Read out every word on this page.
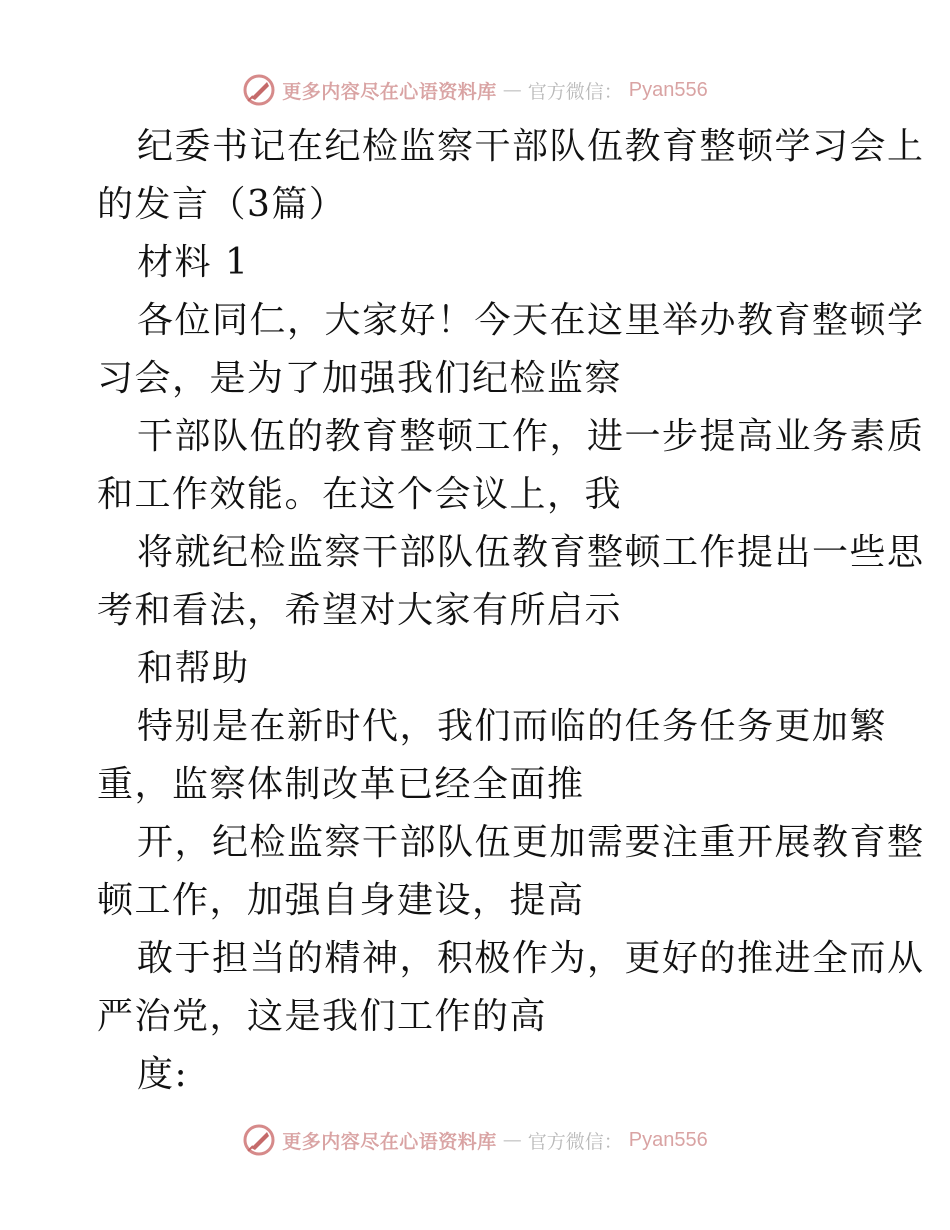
更多内容尽在心语资料库 — 官方微信： Pyan556
纪委书记在纪检监察干部队伍教育整顿学习会上
的发言（3篇）
材料 1
各位同仁，大家好！今天在这里举办教育整顿学
习会，是为了加强我们纪检监察
干部队伍的教育整顿工作，进一步提高业务素质
和工作效能。在这个会议上，我
将就纪检监察干部队伍教育整顿工作提出一些思
考和看法，希望对大家有所启示
和帮助
特别是在新时代，我们而临的任务任务更加繁
重，监察体制改革已经全面推
开，纪检监察干部队伍更加需要注重开展教育整
顿工作，加强自身建设，提高
敢于担当的精神，积极作为，更好的推进全而从
严治党，这是我们工作的高
度:
更多内容尽在心语资料库 — 官方微信： Pyan556
